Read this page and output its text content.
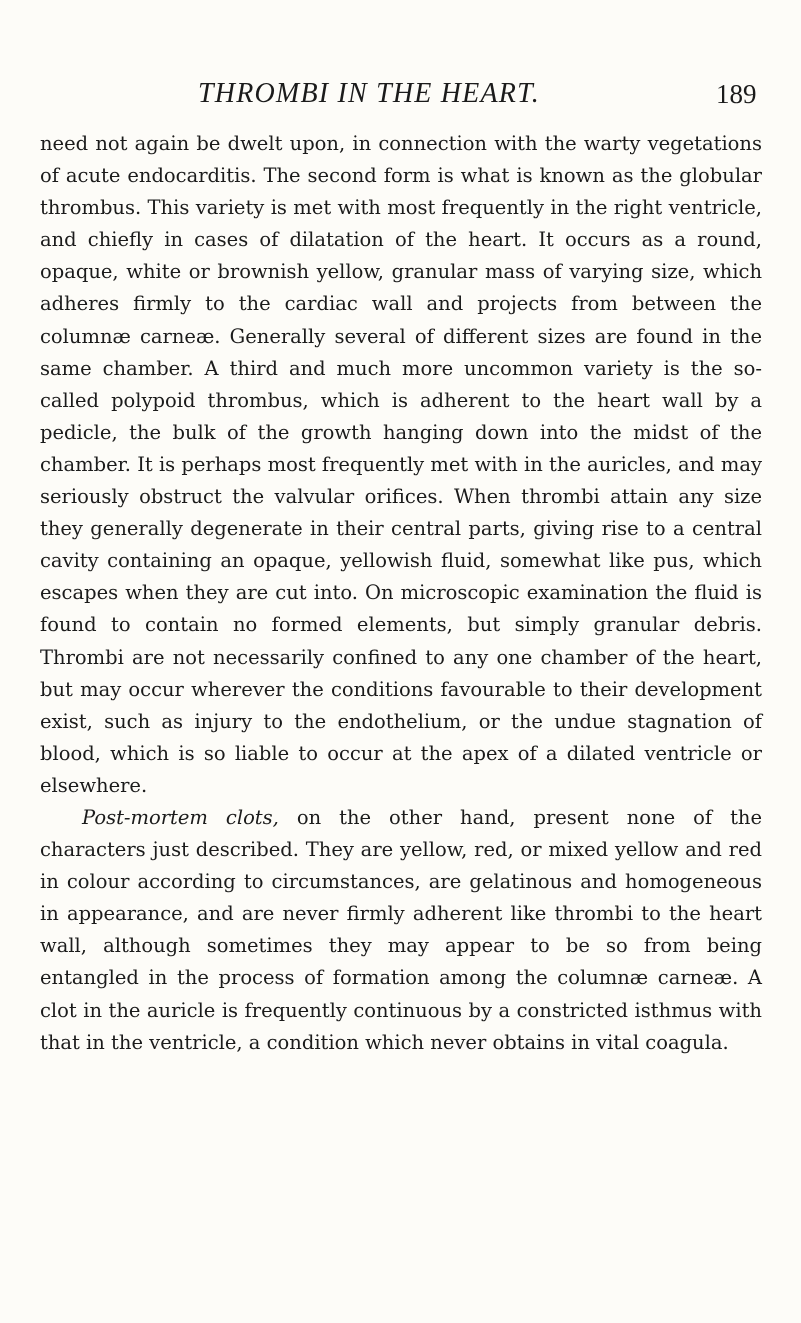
THROMBI IN THE HEART.	189

need not again be dwelt upon, in connection with the warty vegetations of acute endocarditis. The second form is what is known as the globular thrombus. This variety is met with most frequently in the right ventricle, and chiefly in cases of dilatation of the heart. It occurs as a round, opaque, white or brownish yellow, granular mass of varying size, which adheres firmly to the cardiac wall and projects from between the columnæ carneæ. Generally several of different sizes are found in the same chamber. A third and much more uncommon variety is the so-called polypoid thrombus, which is adherent to the heart wall by a pedicle, the bulk of the growth hanging down into the midst of the chamber. It is perhaps most frequently met with in the auricles, and may seriously obstruct the valvular orifices. When thrombi attain any size they generally degenerate in their central parts, giving rise to a central cavity containing an opaque, yellowish fluid, somewhat like pus, which escapes when they are cut into. On microscopic examination the fluid is found to contain no formed elements, but simply granular debris. Thrombi are not necessarily confined to any one chamber of the heart, but may occur wherever the conditions favourable to their development exist, such as injury to the endothelium, or the undue stagnation of blood, which is so liable to occur at the apex of a dilated ventricle or elsewhere.
Post-mortem clots, on the other hand, present none of the characters just described. They are yellow, red, or mixed yellow and red in colour according to circumstances, are gelatinous and homogeneous in appearance, and are never firmly adherent like thrombi to the heart wall, although sometimes they may appear to be so from being entangled in the process of formation among the columnæ carneæ. A clot in the auricle is frequently continuous by a constricted isthmus with that in the ventricle, a condition which never obtains in vital coagula.
